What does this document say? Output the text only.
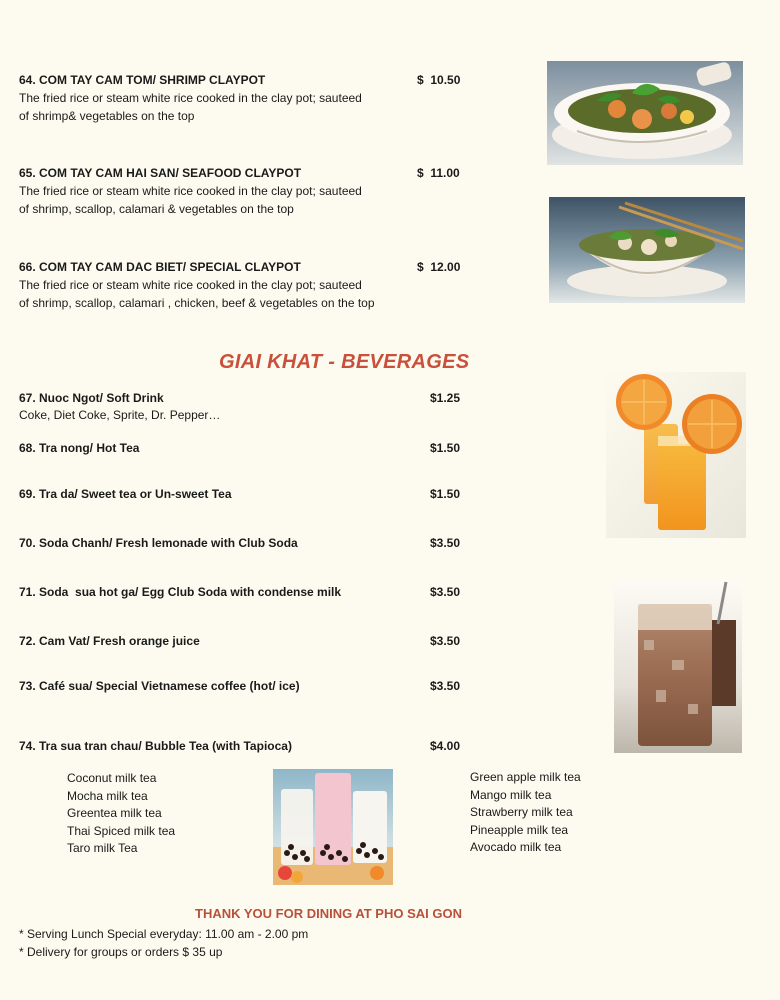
64. COM TAY CAM TOM/ SHRIMP CLAYPOT
The fried rice or steam white rice cooked in the clay pot; sauteed
of shrimp& vegetables on the top
$  10.50
65. COM TAY CAM HAI SAN/ SEAFOOD CLAYPOT
The fried rice or steam white rice cooked in the clay pot; sauteed
of shrimp, scallop, calamari & vegetables on the top
$  11.00
66. COM TAY CAM DAC BIET/ SPECIAL CLAYPOT
The fried rice or steam white rice cooked in the clay pot; sauteed
of shrimp, scallop, calamari , chicken, beef & vegetables on the top
$  12.00
GIAI KHAT - BEVERAGES
67. Nuoc Ngot/ Soft Drink
Coke, Diet Coke, Sprite, Dr. Pepper…
$1.25
68. Tra nong/ Hot Tea	$1.50
69. Tra da/ Sweet tea or Un-sweet Tea	$1.50
70. Soda Chanh/ Fresh lemonade with Club Soda	$3.50
71. Soda  sua hot ga/ Egg Club Soda with condense milk	$3.50
72. Cam Vat/ Fresh orange juice	$3.50
73. Café sua/ Special Vietnamese coffee (hot/ ice)	$3.50
74. Tra sua tran chau/ Bubble Tea (with Tapioca)	$4.00
Coconut milk tea
Mocha milk tea
Greentea milk tea
Thai Spiced milk tea
Taro milk Tea
Green apple milk tea
Mango milk tea
Strawberry milk tea
Pineapple milk tea
Avocado milk tea
THANK YOU FOR DINING AT PHO SAI GON
* Serving Lunch Special everyday: 11.00 am - 2.00 pm
* Delivery for groups or orders $ 35 up
